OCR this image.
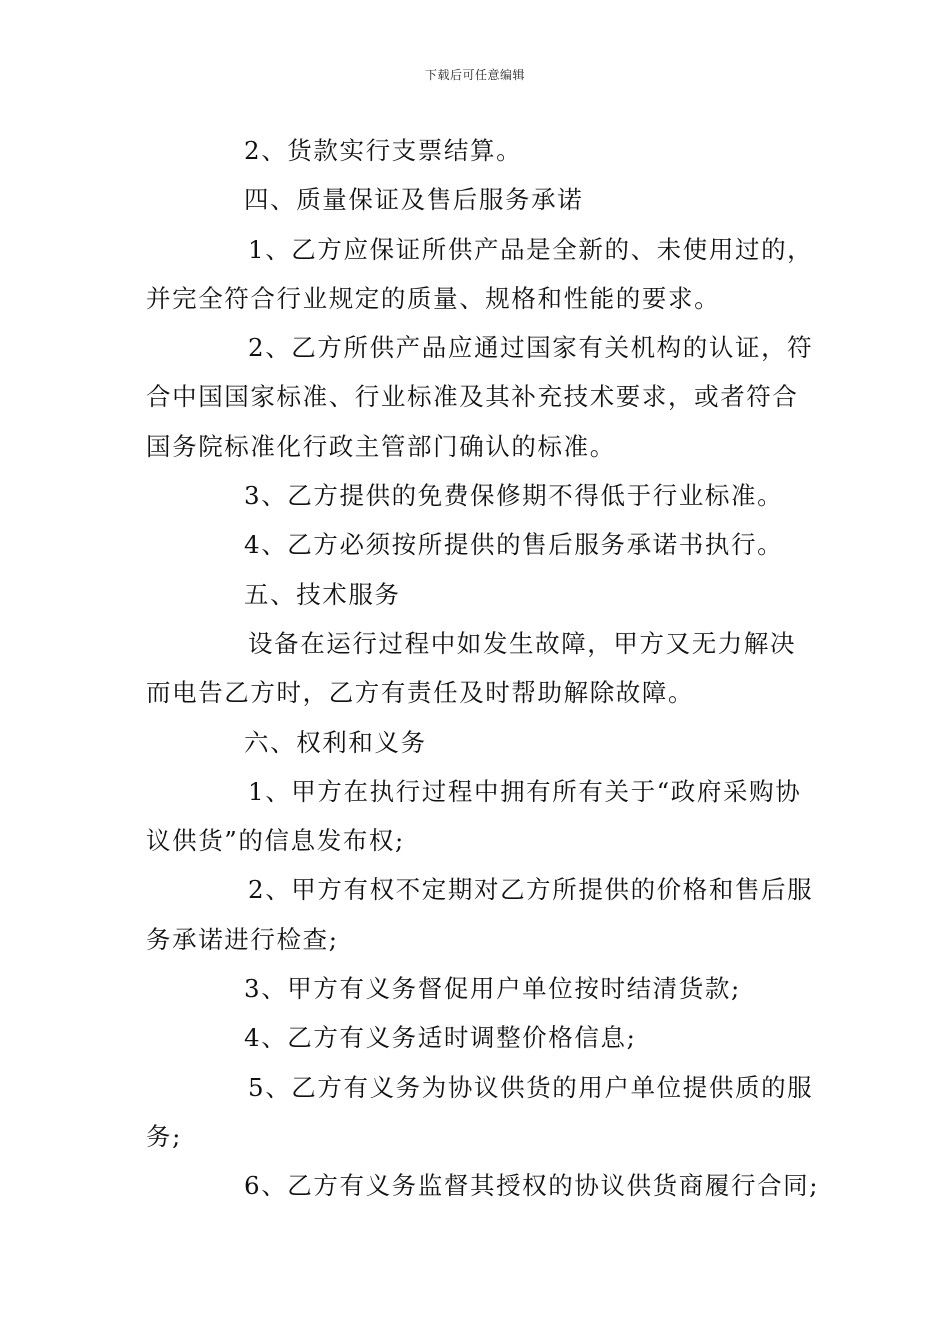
下载后可任意编辑
2、货款实行支票结算。
四、质量保证及售后服务承诺
1、乙方应保证所供产品是全新的、未使用过的，
并完全符合行业规定的质量、规格和性能的要求。
2、乙方所供产品应通过国家有关机构的认证，符
合中国国家标准、行业标准及其补充技术要求，或者符合
国务院标准化行政主管部门确认的标准。
3、乙方提供的免费保修期不得低于行业标准。
4、乙方必须按所提供的售后服务承诺书执行。
五、技术服务
设备在运行过程中如发生故障，甲方又无力解决
而电告乙方时，乙方有责任及时帮助解除故障。
六、权利和义务
1、甲方在执行过程中拥有所有关于“政府采购协
议供货”的信息发布权;
2、甲方有权不定期对乙方所提供的价格和售后服
务承诺进行检查;
3、甲方有义务督促用户单位按时结清货款;
4、乙方有义务适时调整价格信息;
5、乙方有义务为协议供货的用户单位提供质的服
务;
6、乙方有义务监督其授权的协议供货商履行合同;
